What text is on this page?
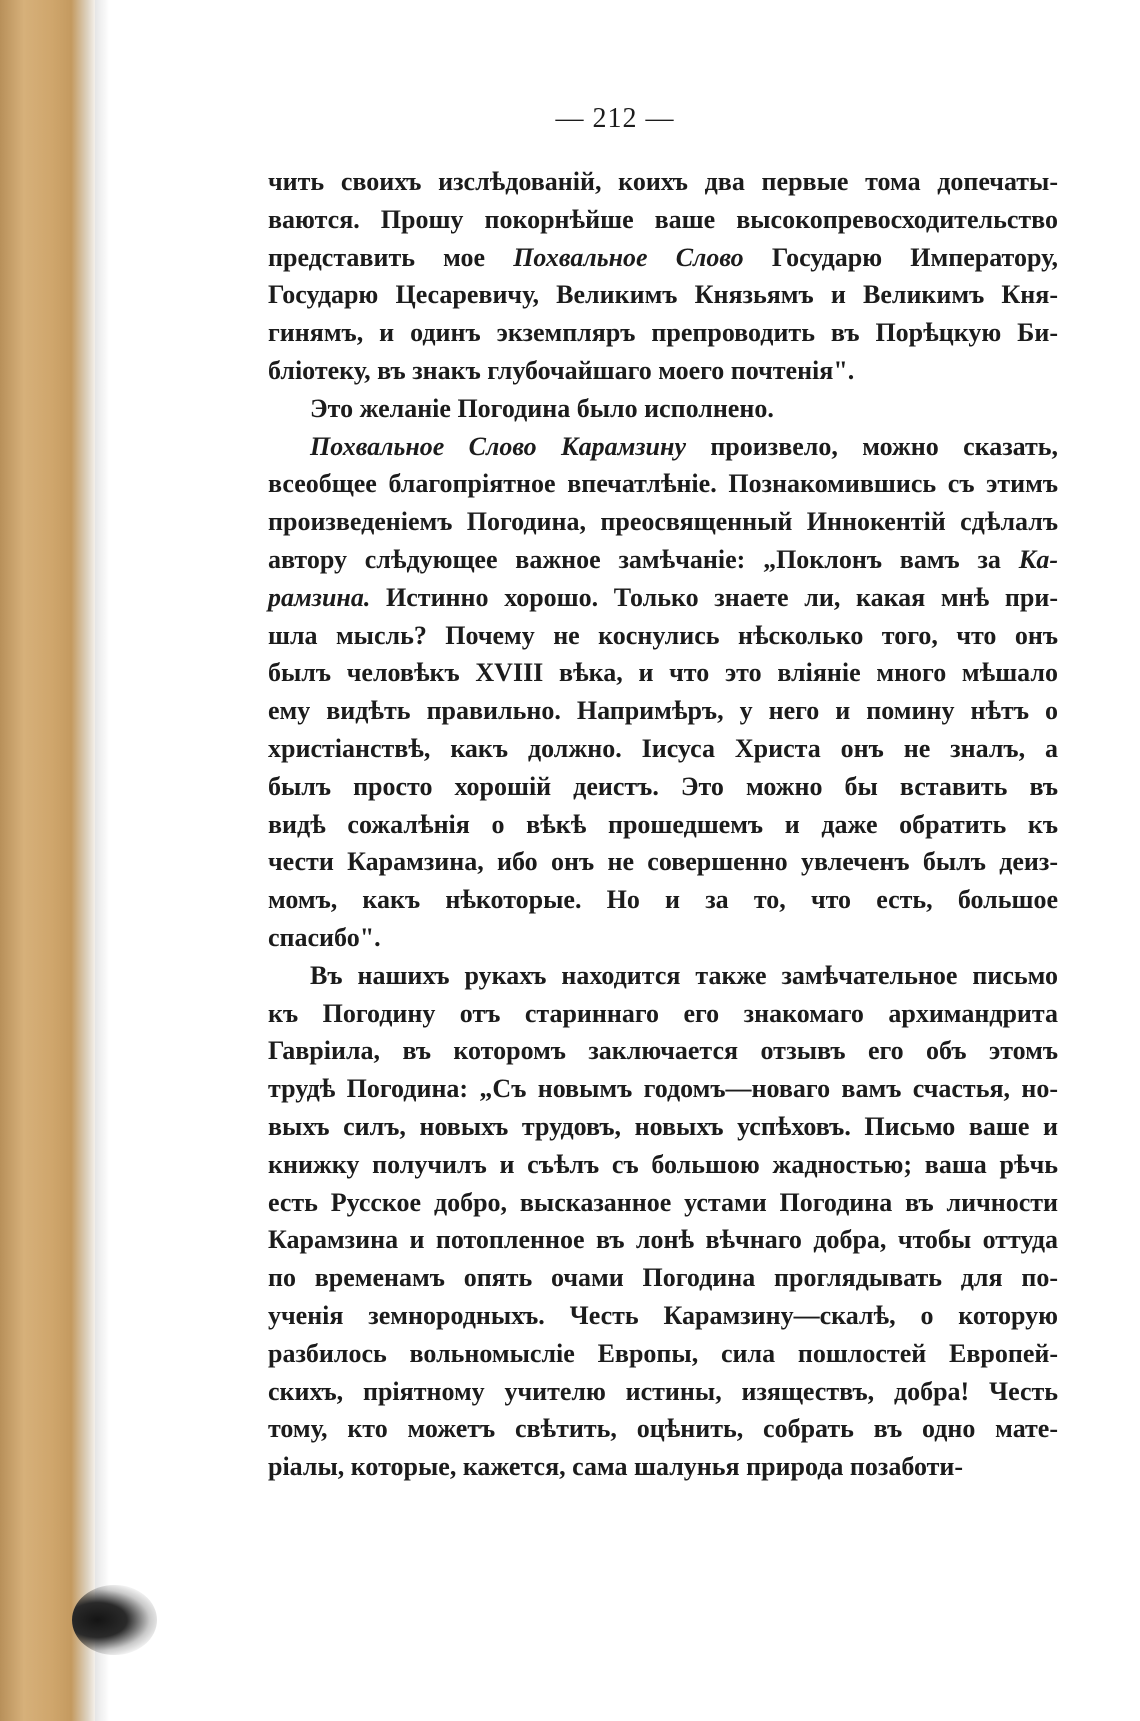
— 212 —

чить своихъ изслѣдованій, коихъ два первые тома допечаты-
ваются. Прошу покорнѣйше ваше высокопревосходительство
представить мое Похвальное Слово Государю Императору,
Государю Цесаревичу, Великимъ Князьямъ и Великимъ Кня-
гинямъ, и одинъ экземпляръ препроводить въ Порѣцкую Би-
бліотеку, въ знакъ глубочайшаго моего почтенія".

Это желаніе Погодина было исполнено.

Похвальное Слово Карамзину произвело, можно сказать,
всеобщее благопріятное впечатлѣніе. Познакомившись съ этимъ
произведеніемъ Погодина, преосвященный Иннокентій сдѣлалъ
автору слѣдующее важное замѣчаніе: „Поклонъ вамъ за Ка-
рамзина. Истинно хорошо. Только знаете ли, какая мнѣ при-
шла мысль? Почему не коснулись нѣсколько того, что онъ
былъ человѣкъ XVIII вѣка, и что это вліяніе много мѣшало
ему видѣть правильно. Напримѣръ, у него и помину нѣтъ о
христіанствѣ, какъ должно. Іисуса Христа онъ не зналъ, а
былъ просто хорошій деистъ. Это можно бы вставить въ
видѣ сожалѣнія о вѣкѣ прошедшемъ и даже обратить къ
чести Карамзина, ибо онъ не совершенно увлеченъ былъ деиз-
момъ, какъ нѣкоторые. Но и за то, что есть, большое
спасибо".

Въ нашихъ рукахъ находится также замѣчательное письмо
къ Погодину отъ стариннаго его знакомаго архимандрита
Гавріила, въ которомъ заключается отзывъ его объ этомъ
трудѣ Погодина: „Съ новымъ годомъ—новаго вамъ счастья, но-
выхъ силъ, новыхъ трудовъ, новыхъ успѣховъ. Письмо ваше и
книжку получилъ и съѣлъ съ большою жадностью; ваша рѣчь
есть Русское добро, высказанное устами Погодина въ личности
Карамзина и потопленное въ лонѣ вѣчнаго добра, чтобы оттуда
по временамъ опять очами Погодина проглядывать для по-
ученія земнородныхъ. Честь Карамзину—скалѣ, о которую
разбилось вольномысліе Европы, сила пошлостей Европей-
скихъ, пріятному учителю истины, изяществъ, добра! Честь
тому, кто можетъ свѣтить, оцѣнить, собрать въ одно мате-
ріалы, которые, кажется, сама шалунья природа позаботи-
